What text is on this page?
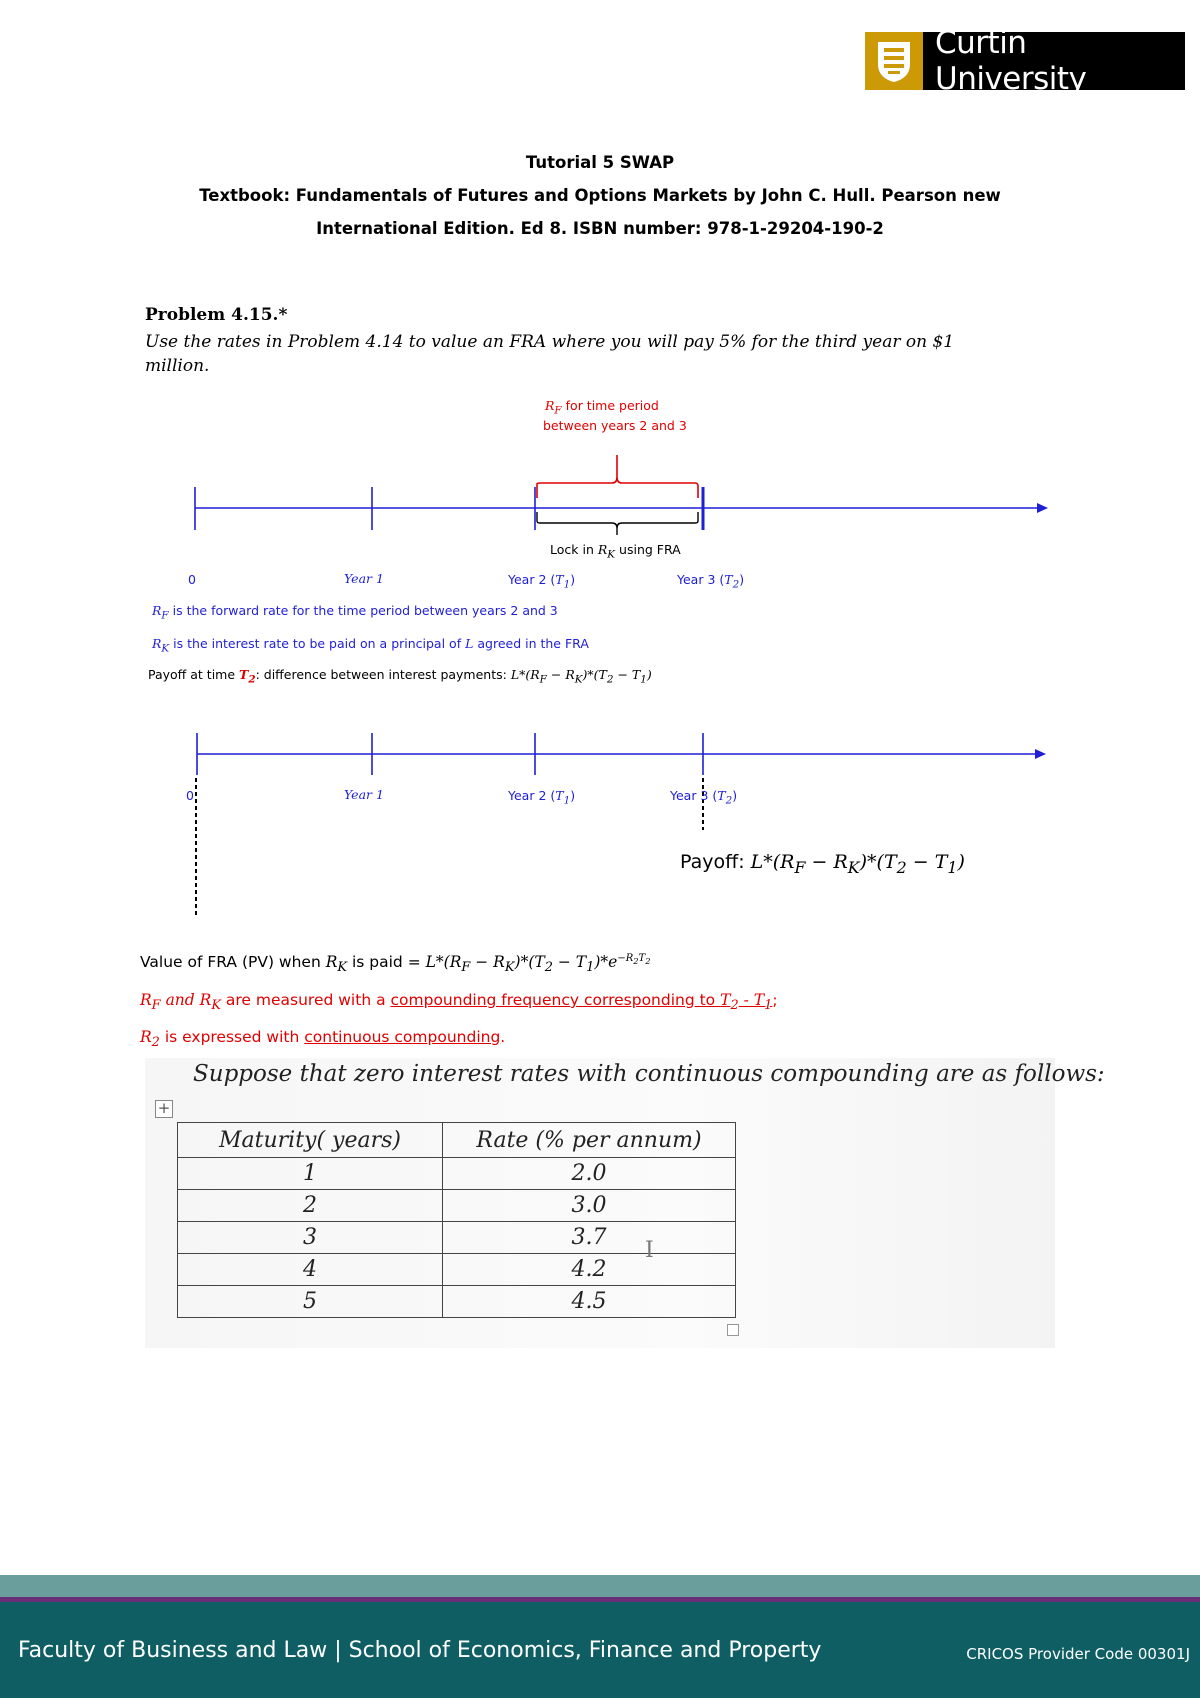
Curtin University
Tutorial 5 SWAP
Textbook: Fundamentals of Futures and Options Markets by John C. Hull. Pearson new
International Edition. Ed 8. ISBN number: 978-1-29204-190-2
Problem 4.15.*
Use the rates in Problem 4.14 to value an FRA where you will pay 5% for the third year on $1 million.
$R_F$ for time period
between years 2 and 3
Lock in $R_K$ using FRA
0	Year 1	Year 2 $(T_1)$	Year 3 $(T_2)$
$R_F$ is the forward rate for the time period between years 2 and 3
$R_K$ is the interest rate to be paid on a principal of L agreed in the FRA
Payoff at time $T_2$: difference between interest payments: $L*(R_F - R_K)*(T_2 - T_1)$
0	Year 1	Year 2 $(T_1)$	Year 3 $(T_2)$
Payoff: $L*(R_F - R_K)*(T_2 - T_1)$
Value of FRA (PV) when $R_K$ is paid = $L*(R_F - R_K)*(T_2 - T_1)*e^{-R_2T_2}$
$R_F$ and $R_K$ are measured with a compounding frequency corresponding to $T_2 - T_1$;
$R_2$ is expressed with continuous compounding.
Suppose that zero interest rates with continuous compounding are as follows:
+
Maturity( years)	Rate (% per annum)
1	2.0
2	3.0
3	3.7
4	4.2
5	4.5
Ι
Faculty of Business and Law | School of Economics, Finance and Property	CRICOS Provider Code 00301J
